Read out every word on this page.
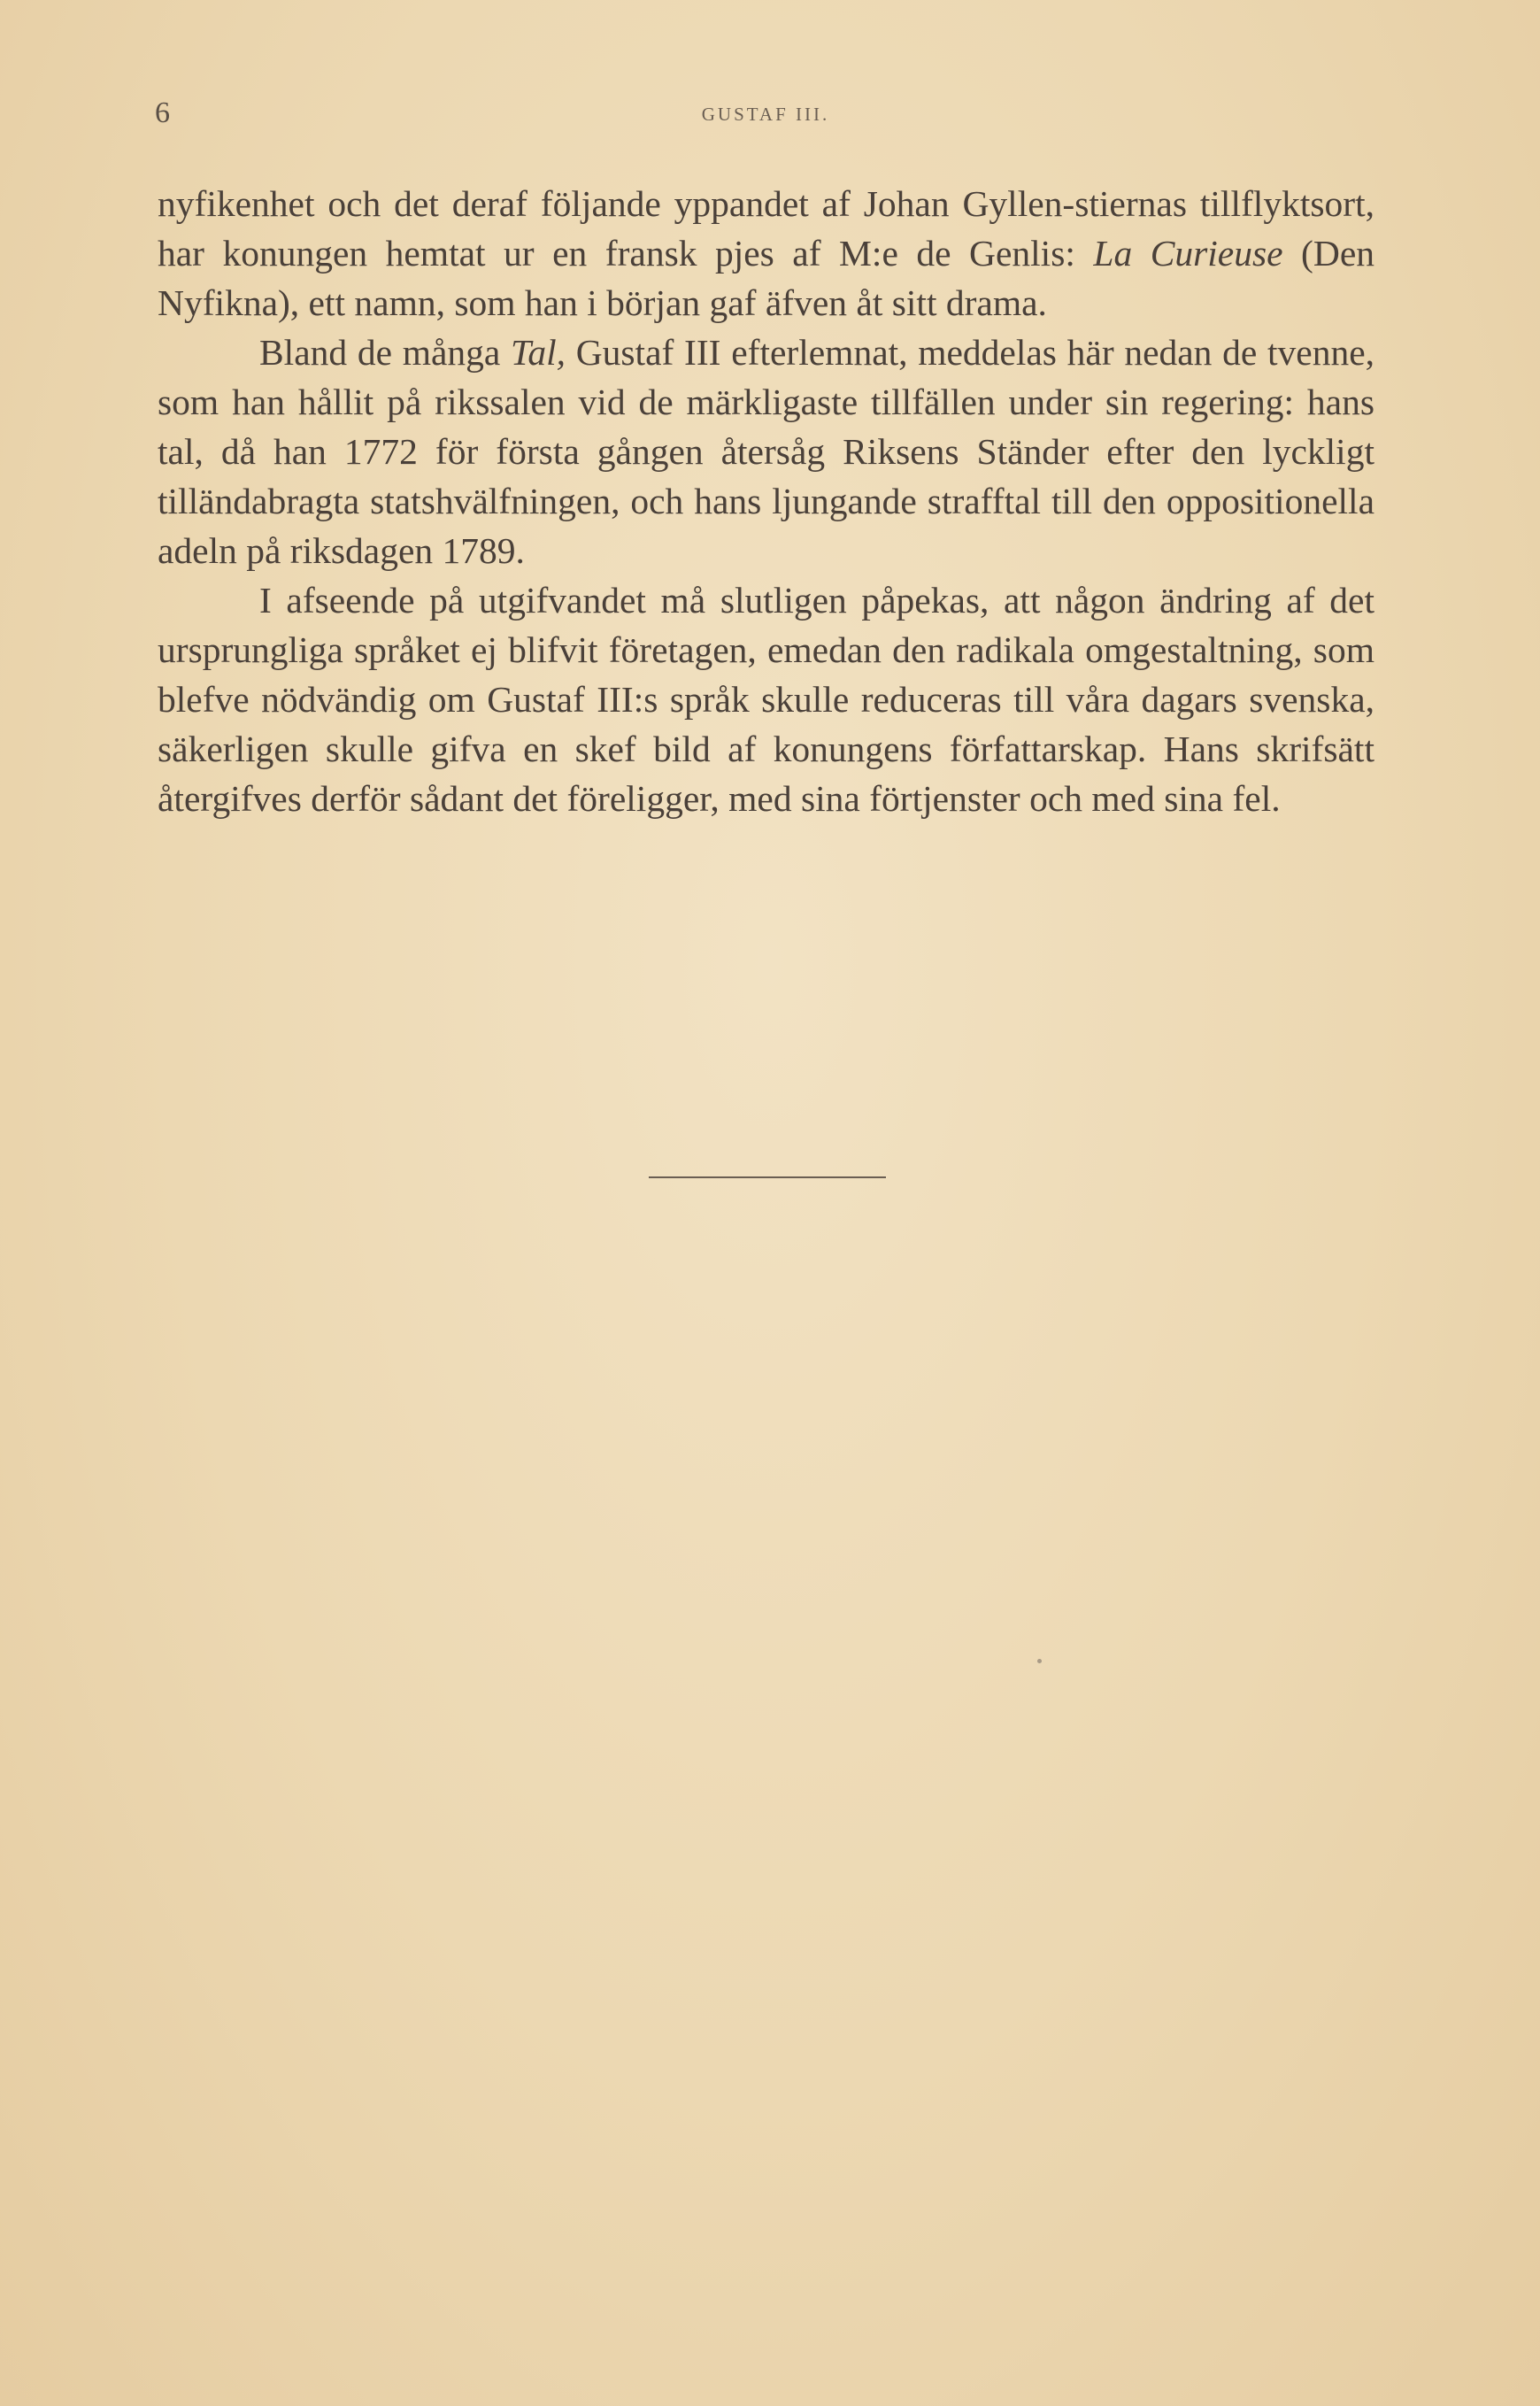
6	GUSTAF III.

nyfikenhet och det deraf följande yppandet af Johan Gyllen-stiernas tillflyktsort, har konungen hemtat ur en fransk pjes af M:e de Genlis: La Curieuse (Den Nyfikna), ett namn, som han i början gaf äfven åt sitt drama.

Bland de många Tal, Gustaf III efterlemnat, meddelas här nedan de tvenne, som han hållit på rikssalen vid de märkligaste tillfällen under sin regering: hans tal, då han 1772 för första gången återsåg Riksens Ständer efter den lyckligt tilländabragta statshvälfningen, och hans ljungande strafftal till den oppositionella adeln på riksdagen 1789.

I afseende på utgifvandet må slutligen påpekas, att någon ändring af det ursprungliga språket ej blifvit företagen, emedan den radikala omgestaltning, som blefve nödvändig om Gustaf III:s språk skulle reduceras till våra dagars svenska, säkerligen skulle gifva en skef bild af konungens författarskap. Hans skrifsätt återgifves derför sådant det föreligger, med sina förtjenster och med sina fel.
